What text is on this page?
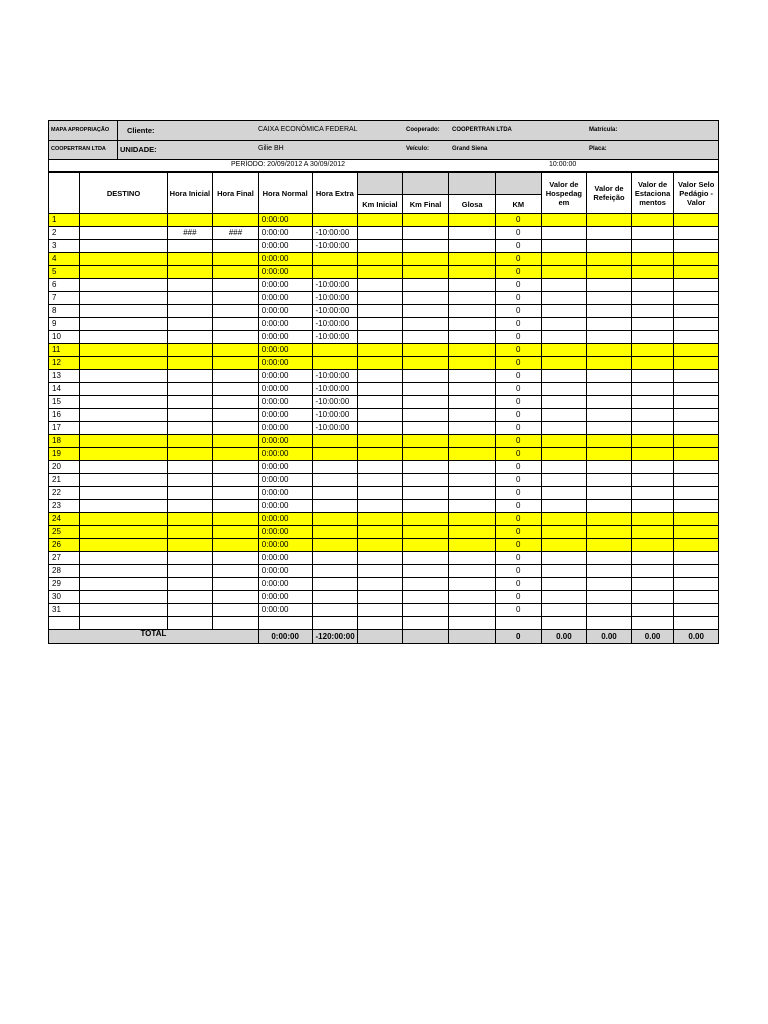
MAPA APROPRIAÇÃO Cliente:	CAIXA ECONÔMICA FEDERAL	Cooperado: COOPERTRAN LTDA	Matrícula:
COOPERTRAN LTDA UNIDADE:	Gilie BH	Veículo:	Grand Siena	Placa:
PERÍODO: 20/09/2012 A 30/09/2012	10:00:00
	DESTINO	Hora Inicial	Hora Final	Hora Normal	Hora Extra					Valor de Hospedag em	Valor de Refeição	Valor de Estaciona mentos	Valor Selo Pedágio - Valor
						Km Inicial	Km Final	Glosa	KM				
1				0:00:00					0				
2		###	###	0:00:00	-10:00:00				0				
3				0:00:00	-10:00:00				0				
4				0:00:00					0				
5				0:00:00					0				
6				0:00:00	-10:00:00				0				
7				0:00:00	-10:00:00				0				
8				0:00:00	-10:00:00				0				
9				0:00:00	-10:00:00				0				
10				0:00:00	-10:00:00				0				
11				0:00:00					0				
12				0:00:00					0				
13				0:00:00	-10:00:00				0				
14				0:00:00	-10:00:00				0				
15				0:00:00	-10:00:00				0				
16				0:00:00	-10:00:00				0				
17				0:00:00	-10:00:00				0				
18				0:00:00					0				
19				0:00:00					0				
20				0:00:00					0				
21				0:00:00					0				
22				0:00:00					0				
23				0:00:00					0				
24				0:00:00					0				
25				0:00:00					0				
26				0:00:00					0				
27				0:00:00					0				
28				0:00:00					0				
29				0:00:00					0				
30				0:00:00					0				
31				0:00:00					0				

TOTAL				0:00:00	-120:00:00				0	0.00	0.00	0.00	0.00
